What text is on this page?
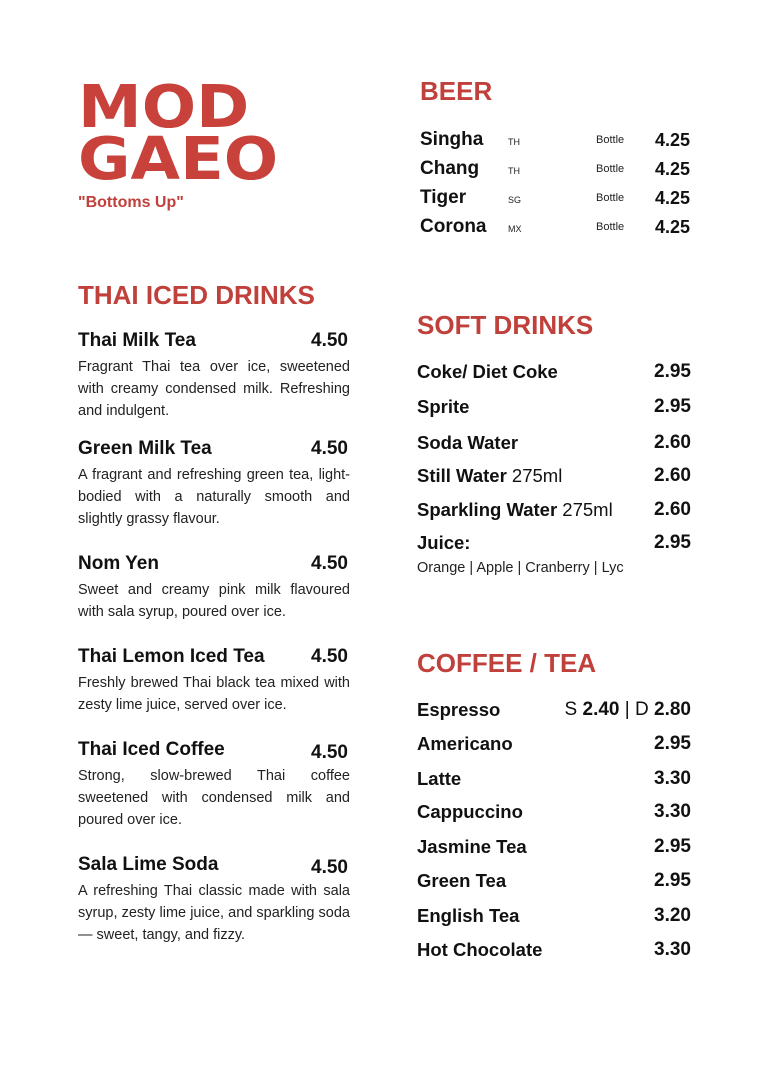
MOD
GAEO
"Bottoms Up"
THAI ICED DRINKS
Thai Milk Tea	4.50
Fragrant Thai tea over ice, sweetened with creamy condensed milk. Refreshing and indulgent.
Green Milk Tea	4.50
A fragrant and refreshing green tea, light-bodied with a naturally smooth and slightly grassy flavour.
Nom Yen	4.50
Sweet and creamy pink milk flavoured with sala syrup, poured over ice.
Thai Lemon Iced Tea 4.50
Freshly brewed Thai black tea mixed with zesty lime juice, served over ice.
Thai Iced Coffee	4.50
Strong, slow-brewed Thai coffee sweetened with condensed milk and poured over ice.
Sala Lime Soda	4.50
A refreshing Thai classic made with sala syrup, zesty lime juice, and sparkling soda — sweet, tangy, and fizzy.
BEER
Singha	TH	Bottle 4.25
Chang	TH	Bottle 4.25
Tiger	SG	Bottle 4.25
Corona MX	Bottle 4.25
SOFT DRINKS
Coke/ Diet Coke	2.95
Sprite	2.95
Soda Water	2.60
Still Water 275ml	2.60
Sparkling Water 275ml 2.60
Juice:	2.95
Orange | Apple | Cranberry | Lyc
COFFEE / TEA
Espresso	S 2.40 | D 2.80
Americano	2.95
Latte	3.30
Cappuccino	3.30
Jasmine Tea	2.95
Green Tea	2.95
English Tea	3.20
Hot Chocolate	3.30
